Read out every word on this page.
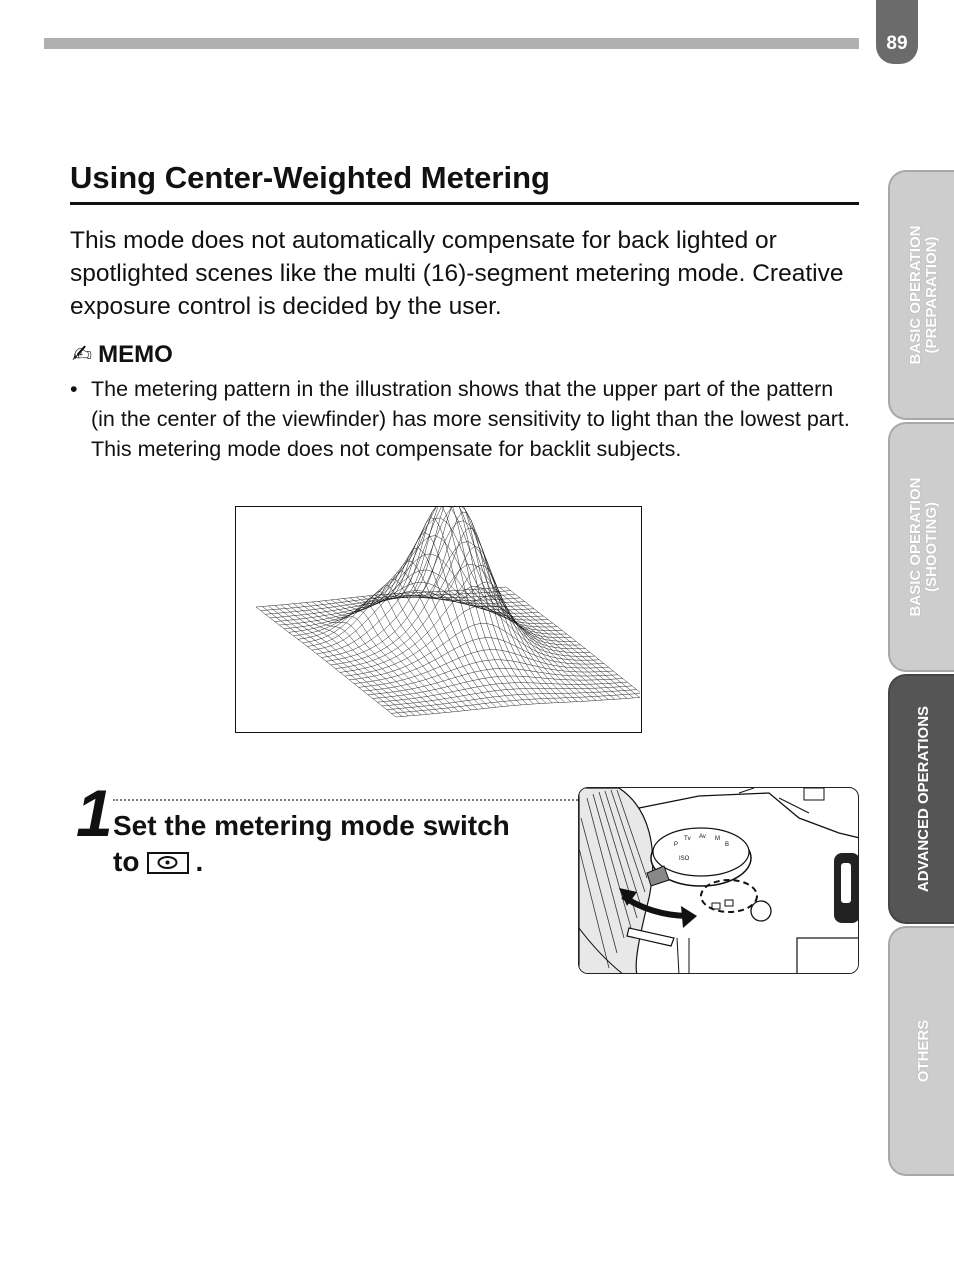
89
Using Center-Weighted Metering

This mode does not automatically compensate for back lighted or spotlighted scenes like the multi (16)-segment metering mode. Creative exposure control is decided by the user.

✍ MEMO
• The metering pattern in the illustration shows that the upper part of the pattern (in the center of the viewfinder) has more sensitivity to light than the lowest part. This metering mode does not compensate for backlit subjects.
1 Set the metering mode switch to .

P
Tv Av M
B
ISO
BASIC OPERATION (PREPARATION)
BASIC OPERATION (SHOOTING)
ADVANCED OPERATIONS
OTHERS
